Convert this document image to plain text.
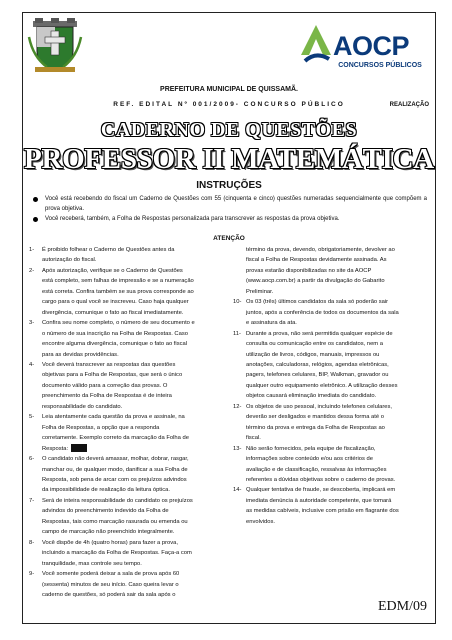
AOCP
CONCURSOS PÚBLICOS
REALIZAÇÃO
PREFEITURA MUNICIPAL DE QUISSAMÃ.
REF. EDITAL Nº 001/2009- CONCURSO PÚBLICO
CADERNO DE QUESTÕES
PROFESSOR II MATEMÁTICA
INSTRUÇÕES
Você está recebendo do fiscal um Caderno de Questões com 55 (cinquenta e cinco) questões numeradas sequencialmente que compõem a prova objetiva.
Você receberá, também, a Folha de Respostas personalizada para transcrever as respostas da prova objetiva.
ATENÇÃO
1-	É proibido folhear o Caderno de Questões antes da
autorização do fiscal.
2-	Após autorização, verifique se o Caderno de Questões
está completo, sem falhas de impressão e se a numeração
está correta. Confira também se sua prova corresponde ao
cargo para o qual você se inscreveu. Caso haja qualquer
divergência, comunique o fato ao fiscal imediatamente.
3-	Confira seu nome completo, o número de seu documento e
o número de sua inscrição na Folha de Respostas. Caso
encontre alguma divergência, comunique o fato ao fiscal
para as devidas providências.
4-	Você deverá transcrever as respostas das questões
objetivas para a Folha de Respostas, que será o único
documento válido para a correção das provas. O
preenchimento da Folha de Respostas é de inteira
responsabilidade do candidato.
5-	Leia atentamente cada questão da prova e assinale, na
Folha de Respostas, a opção que a responda
corretamente. Exemplo correto da marcação da Folha de
Resposta:
6-	O candidato não deverá amassar, molhar, dobrar, rasgar,
manchar ou, de qualquer modo, danificar a sua Folha de
Resposta, sob pena de arcar com os prejuízos advindos
da impossibilidade de realização da leitura óptica.
7-	Será de inteira responsabilidade do candidato os prejuízos
advindos do preenchimento indevido da Folha de
Respostas, tais como marcação rasurada ou emenda ou
campo de marcação não preenchido integralmente.
8-	Você dispõe de 4h (quatro horas) para fazer a prova,
incluindo a marcação da Folha de Respostas. Faça-a com
tranquilidade, mas controle seu tempo.
9-	Você somente poderá deixar a sala de prova após 60
(sessenta) minutos de seu início. Caso queira levar o
caderno de questões, só poderá sair da sala após o
término da prova, devendo, obrigatoriamente, devolver ao
fiscal a Folha de Respostas devidamente assinada. As
provas estarão disponibilizadas no site da AOCP
(www.aocp.com.br) a partir da divulgação do Gabarito
Preliminar.
10- Os 03 (três) últimos candidatos da sala só poderão sair
juntos, após a conferência de todos os documentos da sala
e assinatura da ata.
11- Durante a prova, não será permitida qualquer espécie de
consulta ou comunicação entre os candidatos, nem a
utilização de livros, códigos, manuais, impressos ou
anotações, calculadoras, relógios, agendas eletrônicas,
pagers, telefones celulares, BIP, Walkman, gravador ou
qualquer outro equipamento eletrônico. A utilização desses
objetos causará eliminação imediata do candidato.
12- Os objetos de uso pessoal, incluindo telefones celulares,
deverão ser desligados e mantidos dessa forma até o
término da prova e entrega da Folha de Respostas ao
fiscal.
13- Não serão fornecidos, pela equipe de fiscalização,
informações sobre conteúdo e/ou aos critérios de
avaliação e de classificação, ressalvas às informações
referentes a dúvidas objetivas sobre o caderno de provas.
14- Qualquer tentativa de fraude, se descoberta, implicará em
imediata denúncia à autoridade competente, que tomará
as medidas cabíveis, inclusive com prisão em flagrante dos
envolvidos.
EDM/09
